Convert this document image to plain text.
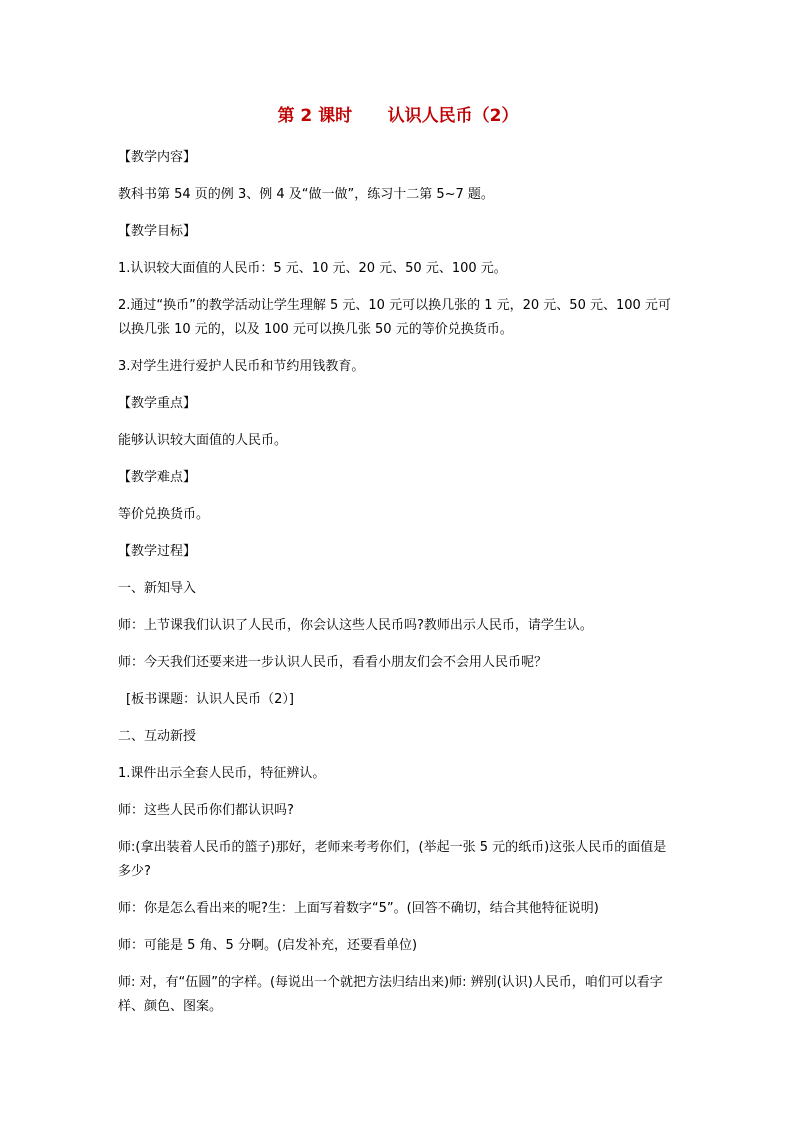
第 2 课时      认识人民币（2）
【教学内容】
教科书第 54 页的例 3、例 4 及“做一做”，练习十二第 5~7 题。
【教学目标】
1.认识较大面值的人民币：5 元、10 元、20 元、50 元、100 元。
2.通过“换币”的教学活动让学生理解 5 元、10 元可以换几张的 1 元，20 元、50 元、100 元可以换几张 10 元的，以及 100 元可以换几张 50 元的等价兑换货币。
3.对学生进行爱护人民币和节约用钱教育。
【教学重点】
能够认识较大面值的人民币。
【教学难点】
等价兑换货币。
【教学过程】
一、新知导入
师：上节课我们认识了人民币，你会认这些人民币吗?教师出示人民币，请学生认。
师：今天我们还要来进一步认识人民币，看看小朋友们会不会用人民币呢？
[板书课题：认识人民币（2）]
二、互动新授
1.课件出示全套人民币，特征辨认。
师：这些人民币你们都认识吗?
师:(拿出装着人民币的篮子)那好，老师来考考你们，(举起一张 5 元的纸币)这张人民币的面值是多少?
师：你是怎么看出来的呢?生：上面写着数字“5”。(回答不确切，结合其他特征说明)
师：可能是 5 角、5 分啊。(启发补充，还要看单位)
师: 对，有“伍圆”的字样。(每说出一个就把方法归结出来)师: 辨别(认识)人民币，咱们可以看字样、颜色、图案。
